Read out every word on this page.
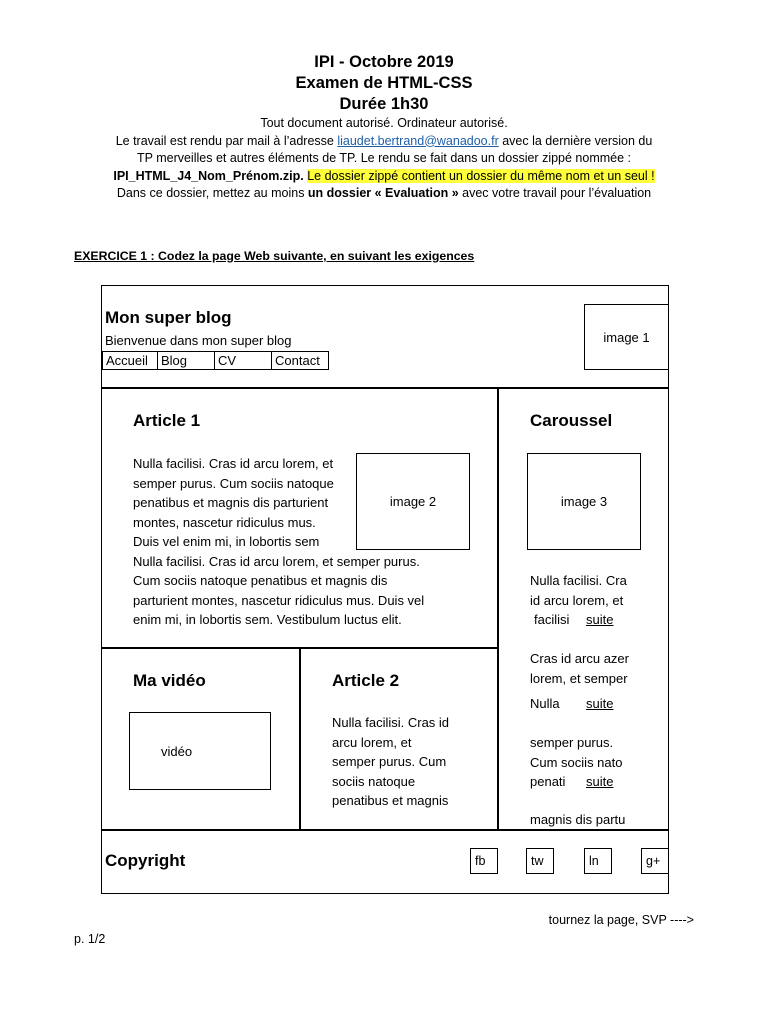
IPI - Octobre 2019
Examen de HTML-CSS
Durée 1h30
Tout document autorisé. Ordinateur autorisé.
Le travail est rendu par mail à l’adresse liaudet.bertrand@wanadoo.fr avec la dernière version du
TP merveilles et autres éléments de TP. Le rendu se fait dans un dossier zippé nommée :
IPI_HTML_J4_Nom_Prénom.zip. Le dossier zippé contient un dossier du même nom et un seul !
Dans ce dossier, mettez au moins un dossier « Evaluation » avec votre travail pour l’évaluation
EXERCICE 1 : Codez la page Web suivante, en suivant les exigences
Mon super blog
Bienvenue dans mon super blog
Accueil	Blog	CV	Contact
image 1
Article 1
Nulla facilisi. Cras id arcu lorem, et
semper purus. Cum sociis natoque
penatibus et magnis dis parturient
montes, nascetur ridiculus mus.
Duis vel enim mi, in lobortis sem
Nulla facilisi. Cras id arcu lorem, et semper purus.
Cum sociis natoque penatibus et magnis dis
parturient montes, nascetur ridiculus mus. Duis vel
enim mi, in lobortis sem. Vestibulum luctus elit.
image 2
Caroussel
image 3
Nulla facilisi. Cra
id arcu lorem, et
facilisi suite
Cras id arcu azer
lorem, et semper
Nulla suite
semper purus.
Cum sociis nato
penati suite
magnis dis partu
Ma vidéo
vidéo
Article 2
Nulla facilisi. Cras id
arcu lorem, et
semper purus. Cum
sociis natoque
penatibus et magnis
Copyright	fb	tw	ln	g+
tournez la page, SVP ---->
p. 1/2
